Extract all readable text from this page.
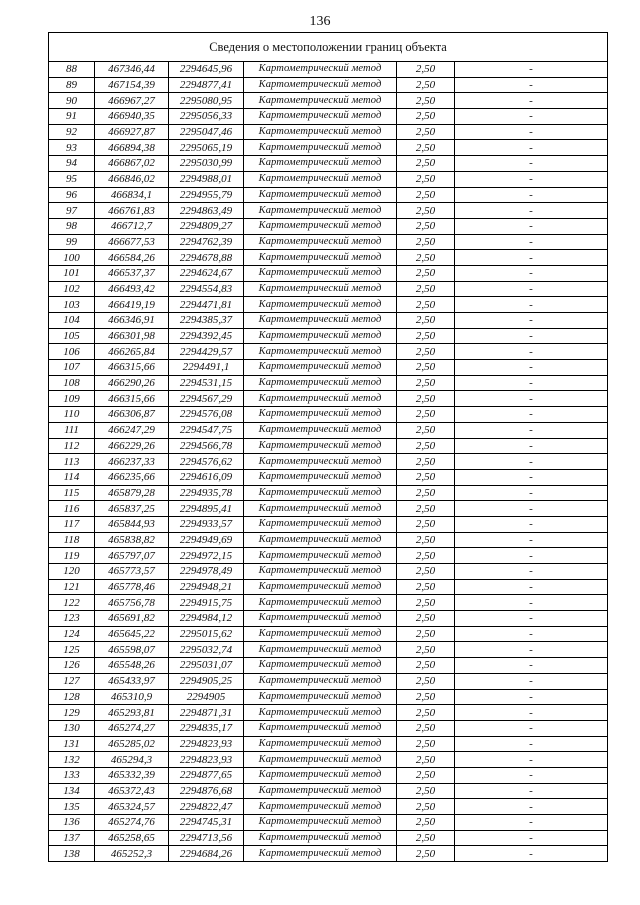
136
Сведения о местоположении границ объекта					
88	467346,44	2294645,96	Картометрический метод	2,50	-
89	467154,39	2294877,41	Картометрический метод	2,50	-
90	466967,27	2295080,95	Картометрический метод	2,50	-
91	466940,35	2295056,33	Картометрический метод	2,50	-
92	466927,87	2295047,46	Картометрический метод	2,50	-
93	466894,38	2295065,19	Картометрический метод	2,50	-
94	466867,02	2295030,99	Картометрический метод	2,50	-
95	466846,02	2294988,01	Картометрический метод	2,50	-
96	466834,1	2294955,79	Картометрический метод	2,50	-
97	466761,83	2294863,49	Картометрический метод	2,50	-
98	466712,7	2294809,27	Картометрический метод	2,50	-
99	466677,53	2294762,39	Картометрический метод	2,50	-
100	466584,26	2294678,88	Картометрический метод	2,50	-
101	466537,37	2294624,67	Картометрический метод	2,50	-
102	466493,42	2294554,83	Картометрический метод	2,50	-
103	466419,19	2294471,81	Картометрический метод	2,50	-
104	466346,91	2294385,37	Картометрический метод	2,50	-
105	466301,98	2294392,45	Картометрический метод	2,50	-
106	466265,84	2294429,57	Картометрический метод	2,50	-
107	466315,66	2294491,1	Картометрический метод	2,50	-
108	466290,26	2294531,15	Картометрический метод	2,50	-
109	466315,66	2294567,29	Картометрический метод	2,50	-
110	466306,87	2294576,08	Картометрический метод	2,50	-
111	466247,29	2294547,75	Картометрический метод	2,50	-
112	466229,26	2294566,78	Картометрический метод	2,50	-
113	466237,33	2294576,62	Картометрический метод	2,50	-
114	466235,66	2294616,09	Картометрический метод	2,50	-
115	465879,28	2294935,78	Картометрический метод	2,50	-
116	465837,25	2294895,41	Картометрический метод	2,50	-
117	465844,93	2294933,57	Картометрический метод	2,50	-
118	465838,82	2294949,69	Картометрический метод	2,50	-
119	465797,07	2294972,15	Картометрический метод	2,50	-
120	465773,57	2294978,49	Картометрический метод	2,50	-
121	465778,46	2294948,21	Картометрический метод	2,50	-
122	465756,78	2294915,75	Картометрический метод	2,50	-
123	465691,82	2294984,12	Картометрический метод	2,50	-
124	465645,22	2295015,62	Картометрический метод	2,50	-
125	465598,07	2295032,74	Картометрический метод	2,50	-
126	465548,26	2295031,07	Картометрический метод	2,50	-
127	465433,97	2294905,25	Картометрический метод	2,50	-
128	465310,9	2294905	Картометрический метод	2,50	-
129	465293,81	2294871,31	Картометрический метод	2,50	-
130	465274,27	2294835,17	Картометрический метод	2,50	-
131	465285,02	2294823,93	Картометрический метод	2,50	-
132	465294,3	2294823,93	Картометрический метод	2,50	-
133	465332,39	2294877,65	Картометрический метод	2,50	-
134	465372,43	2294876,68	Картометрический метод	2,50	-
135	465324,57	2294822,47	Картометрический метод	2,50	-
136	465274,76	2294745,31	Картометрический метод	2,50	-
137	465258,65	2294713,56	Картометрический метод	2,50	-
138	465252,3	2294684,26	Картометрический метод	2,50	-
